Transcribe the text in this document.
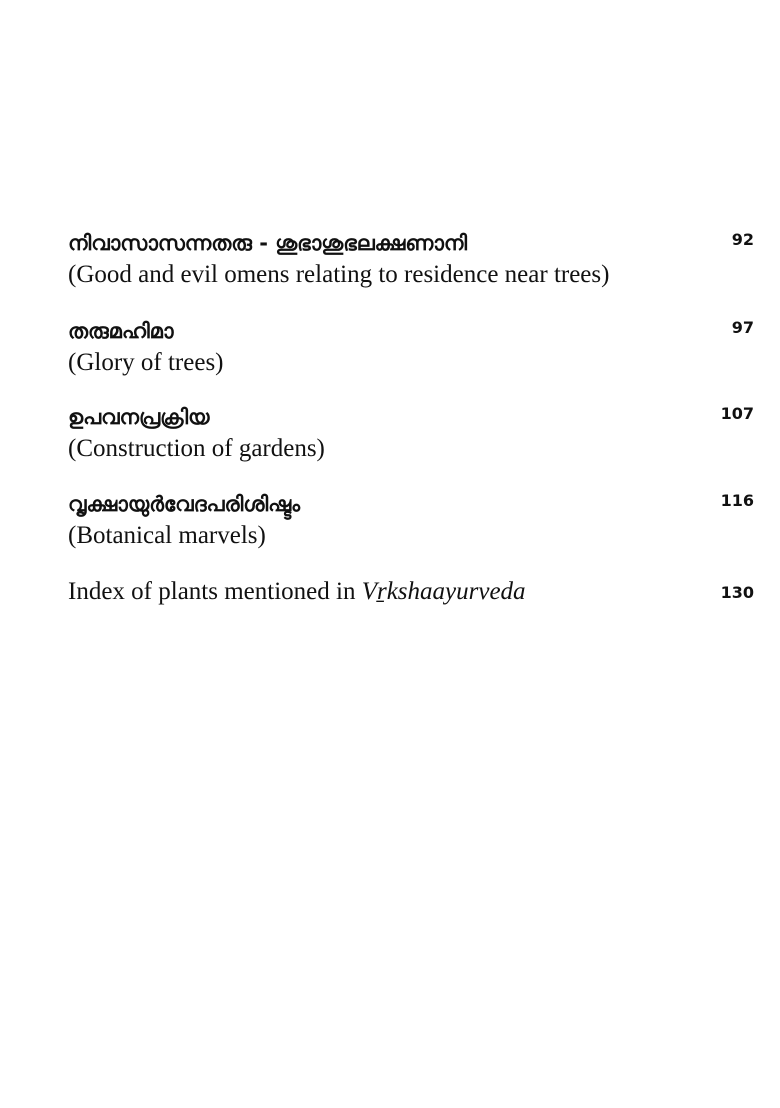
നിവാസാസന്നതരു - ശുഭാശുഭലക്ഷണാനി
(Good and evil omens relating to residence near trees)
92
തരുമഹിമാ
(Glory of trees)
97
ഉപവനപ്രക്രിയ
(Construction of gardens)
107
വൃക്ഷായുർവേദപരിശിഷ്ടം
(Botanical marvels)
116
Index of plants mentioned in Vṟkshaayurveda	130
